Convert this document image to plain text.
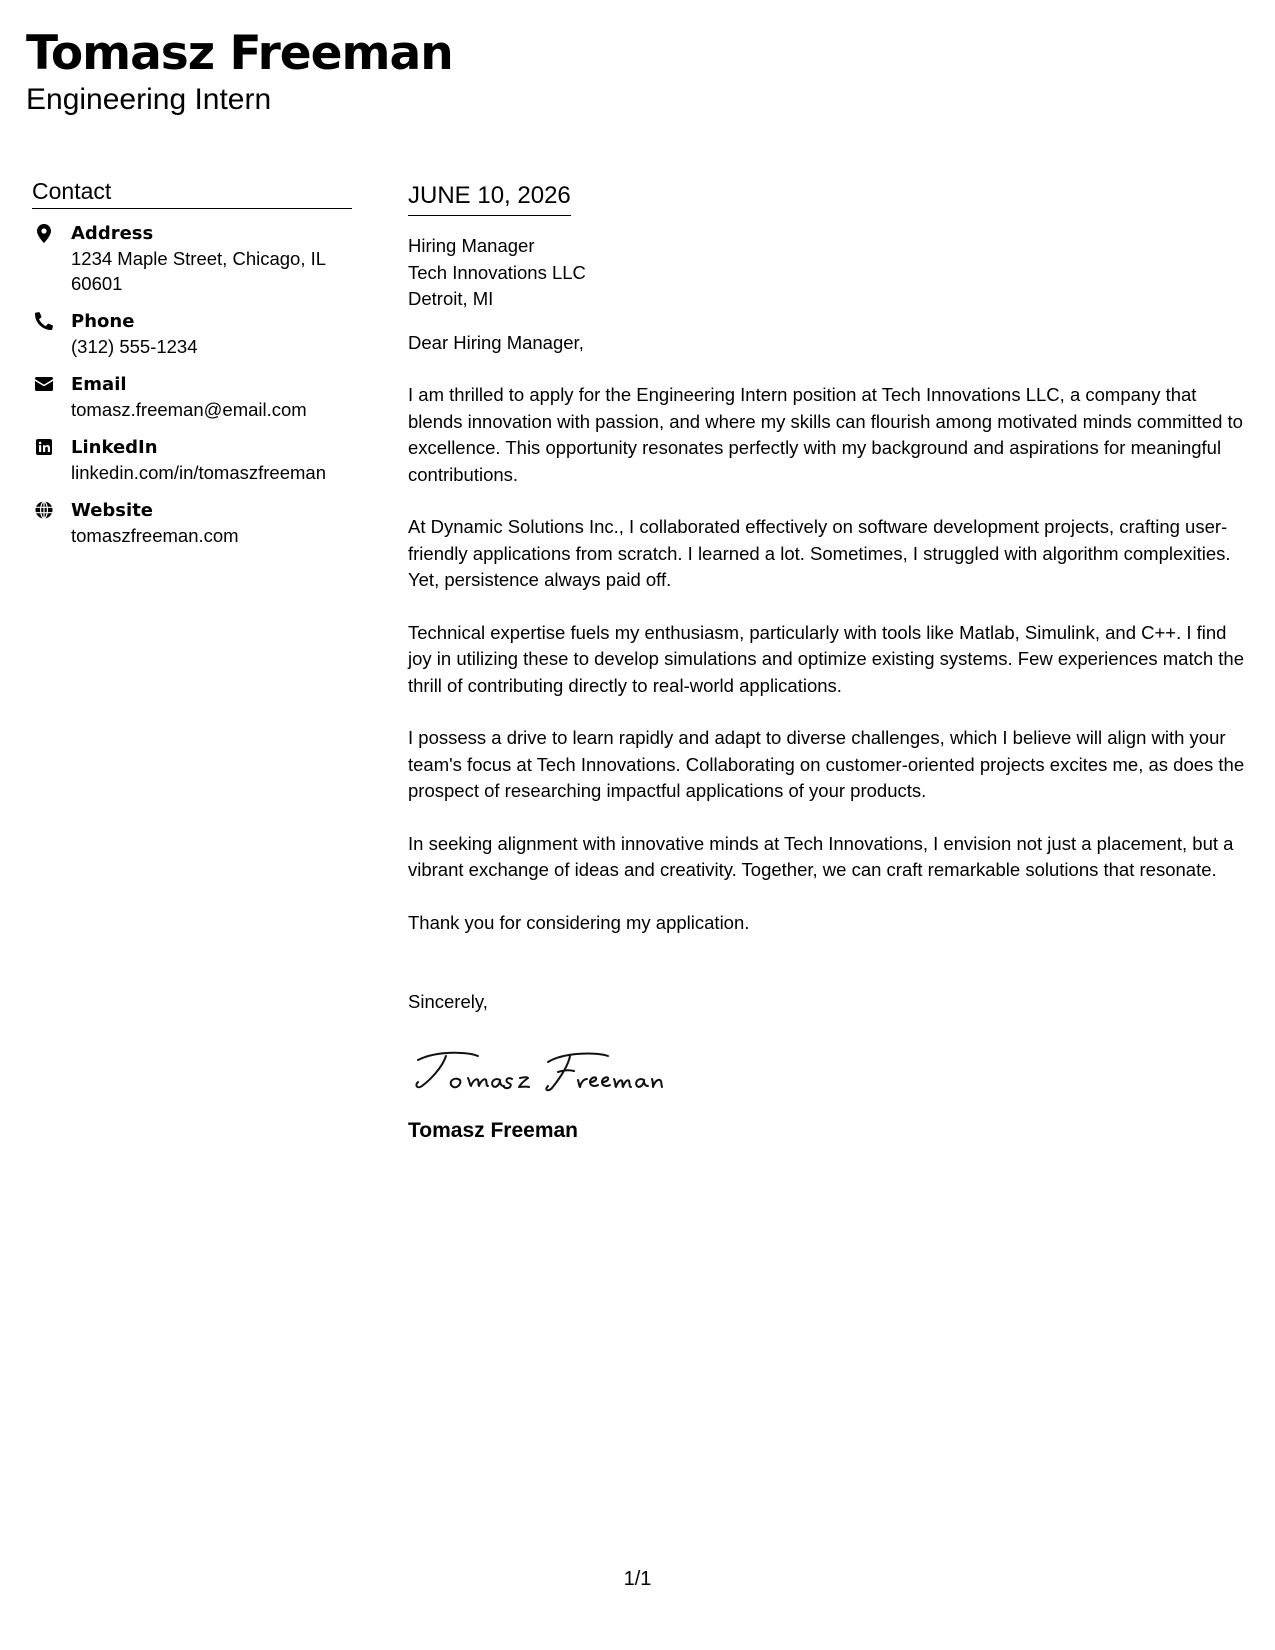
Tomasz Freeman
Engineering Intern
Contact
Address
1234 Maple Street, Chicago, IL 60601
Phone
(312) 555-1234
Email
tomasz.freeman@email.com
LinkedIn
linkedin.com/in/tomaszfreeman
Website
tomaszfreeman.com
JUNE 10, 2026
Hiring Manager
Tech Innovations LLC
Detroit, MI

Dear Hiring Manager,

I am thrilled to apply for the Engineering Intern position at Tech Innovations LLC, a company that blends innovation with passion, and where my skills can flourish among motivated minds committed to excellence. This opportunity resonates perfectly with my background and aspirations for meaningful contributions.

At Dynamic Solutions Inc., I collaborated effectively on software development projects, crafting user-friendly applications from scratch. I learned a lot. Sometimes, I struggled with algorithm complexities. Yet, persistence always paid off.

Technical expertise fuels my enthusiasm, particularly with tools like Matlab, Simulink, and C++. I find joy in utilizing these to develop simulations and optimize existing systems. Few experiences match the thrill of contributing directly to real-world applications.

I possess a drive to learn rapidly and adapt to diverse challenges, which I believe will align with your team's focus at Tech Innovations. Collaborating on customer-oriented projects excites me, as does the prospect of researching impactful applications of your products.

In seeking alignment with innovative minds at Tech Innovations, I envision not just a placement, but a vibrant exchange of ideas and creativity. Together, we can craft remarkable solutions that resonate.

Thank you for considering my application.

Sincerely,
Tomasz Freeman
1/1
